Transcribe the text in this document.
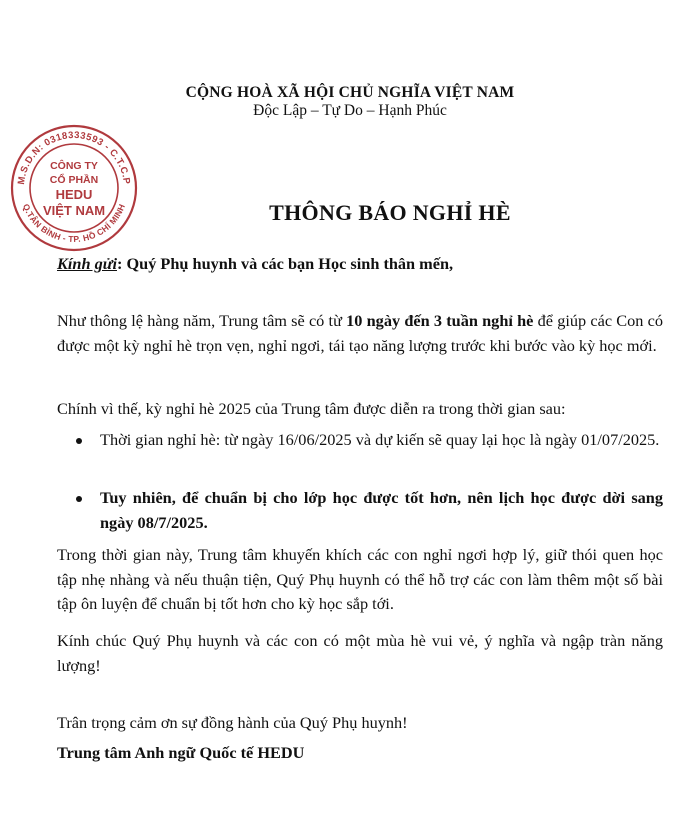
CỘNG HOÀ XÃ HỘI CHỦ NGHĨA VIỆT NAM
Độc Lập – Tự Do – Hạnh Phúc
M.S.D.N: 0318333593 - C.T.C.P
Q.TÂN BÌNH - TP. HỒ CHÍ MINH
CÔNG TY
CỔ PHẦN
HEDU
VIỆT NAM	THÔNG BÁO NGHỈ HÈ
Kính gửi: Quý Phụ huynh và các bạn Học sinh thân mến,
Như thông lệ hàng năm, Trung tâm sẽ có từ 10 ngày đến 3 tuần nghỉ hè để giúp các Con có được một kỳ nghỉ hè trọn vẹn, nghỉ ngơi, tái tạo năng lượng trước khi bước vào kỳ học mới.
Chính vì thế, kỳ nghỉ hè 2025 của Trung tâm được diễn ra trong thời gian sau:
Thời gian nghỉ hè: từ ngày 16/06/2025 và dự kiến sẽ quay lại học là ngày 01/07/2025.
Tuy nhiên, để chuẩn bị cho lớp học được tốt hơn, nên lịch học được dời sang ngày 08/7/2025.
Trong thời gian này, Trung tâm khuyến khích các con nghỉ ngơi hợp lý, giữ thói quen học tập nhẹ nhàng và nếu thuận tiện, Quý Phụ huynh có thể hỗ trợ các con làm thêm một số bài tập ôn luyện để chuẩn bị tốt hơn cho kỳ học sắp tới.
Kính chúc Quý Phụ huynh và các con có một mùa hè vui vẻ, ý nghĩa và ngập tràn năng lượng!
Trân trọng cảm ơn sự đồng hành của Quý Phụ huynh!
Trung tâm Anh ngữ Quốc tế HEDU
